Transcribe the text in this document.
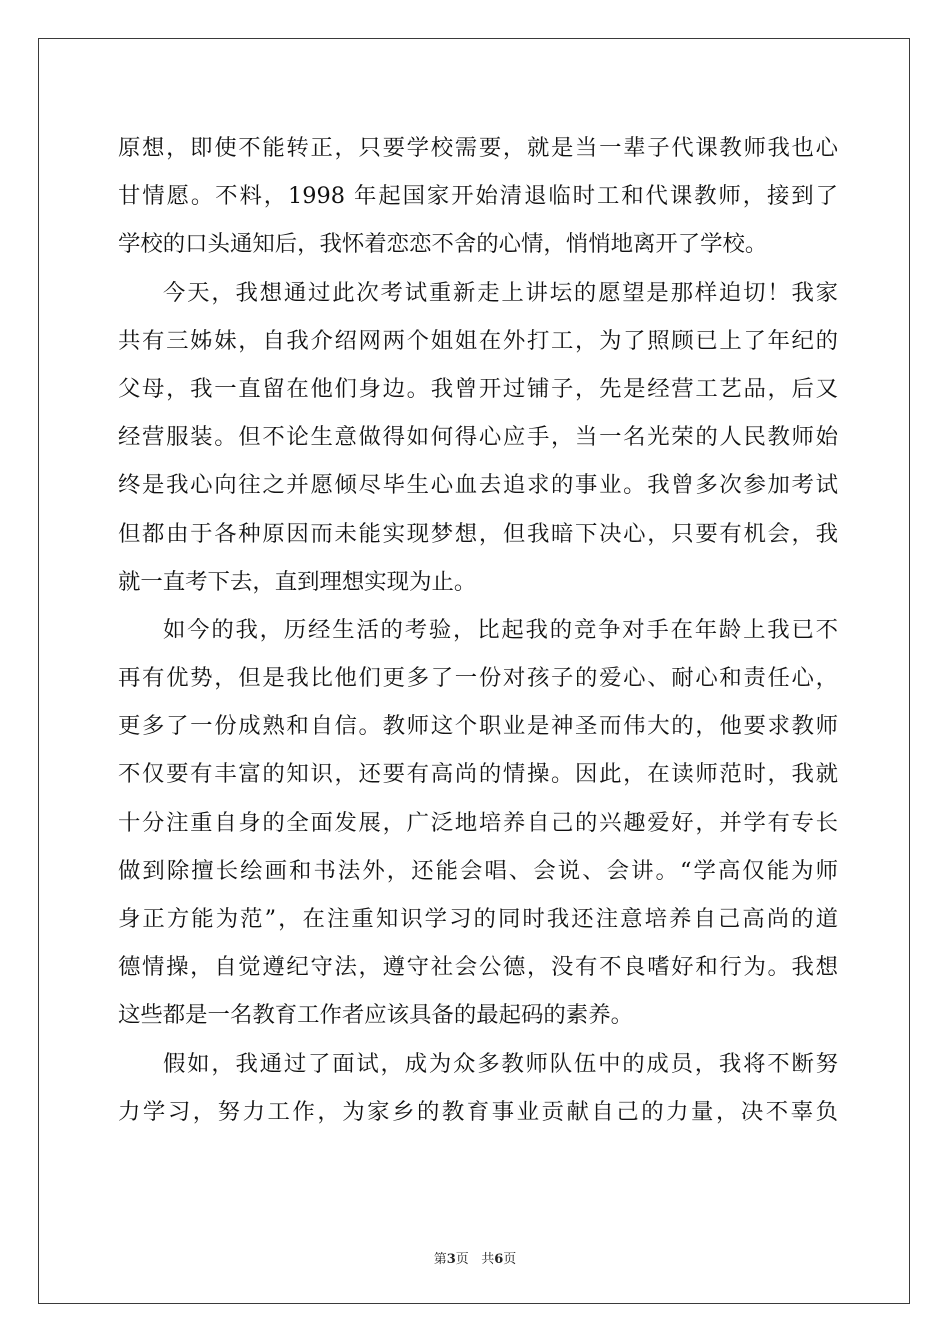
原想，即使不能转正，只要学校需要，就是当一辈子代课教师我也心
甘情愿。不料，1998 年起国家开始清退临时工和代课教师，接到了
学校的口头通知后，我怀着恋恋不舍的心情，悄悄地离开了学校。
今天，我想通过此次考试重新走上讲坛的愿望是那样迫切！我家
共有三姊妹，自我介绍网两个姐姐在外打工，为了照顾已上了年纪的
父母，我一直留在他们身边。我曾开过铺子，先是经营工艺品，后又
经营服装。但不论生意做得如何得心应手，当一名光荣的人民教师始
终是我心向往之并愿倾尽毕生心血去追求的事业。我曾多次参加考试
但都由于各种原因而未能实现梦想，但我暗下决心，只要有机会，我
就一直考下去，直到理想实现为止。
如今的我，历经生活的考验，比起我的竞争对手在年龄上我已不
再有优势，但是我比他们更多了一份对孩子的爱心、耐心和责任心，
更多了一份成熟和自信。教师这个职业是神圣而伟大的，他要求教师
不仅要有丰富的知识，还要有高尚的情操。因此，在读师范时，我就
十分注重自身的全面发展，广泛地培养自己的兴趣爱好，并学有专长
做到除擅长绘画和书法外，还能会唱、会说、会讲。“学高仅能为师
身正方能为范”，在注重知识学习的同时我还注意培养自己高尚的道
德情操，自觉遵纪守法，遵守社会公德，没有不良嗜好和行为。我想
这些都是一名教育工作者应该具备的最起码的素养。
假如，我通过了面试，成为众多教师队伍中的成员，我将不断努
力学习，努力工作，为家乡的教育事业贡献自己的力量，决不辜负
第3页 共6页
